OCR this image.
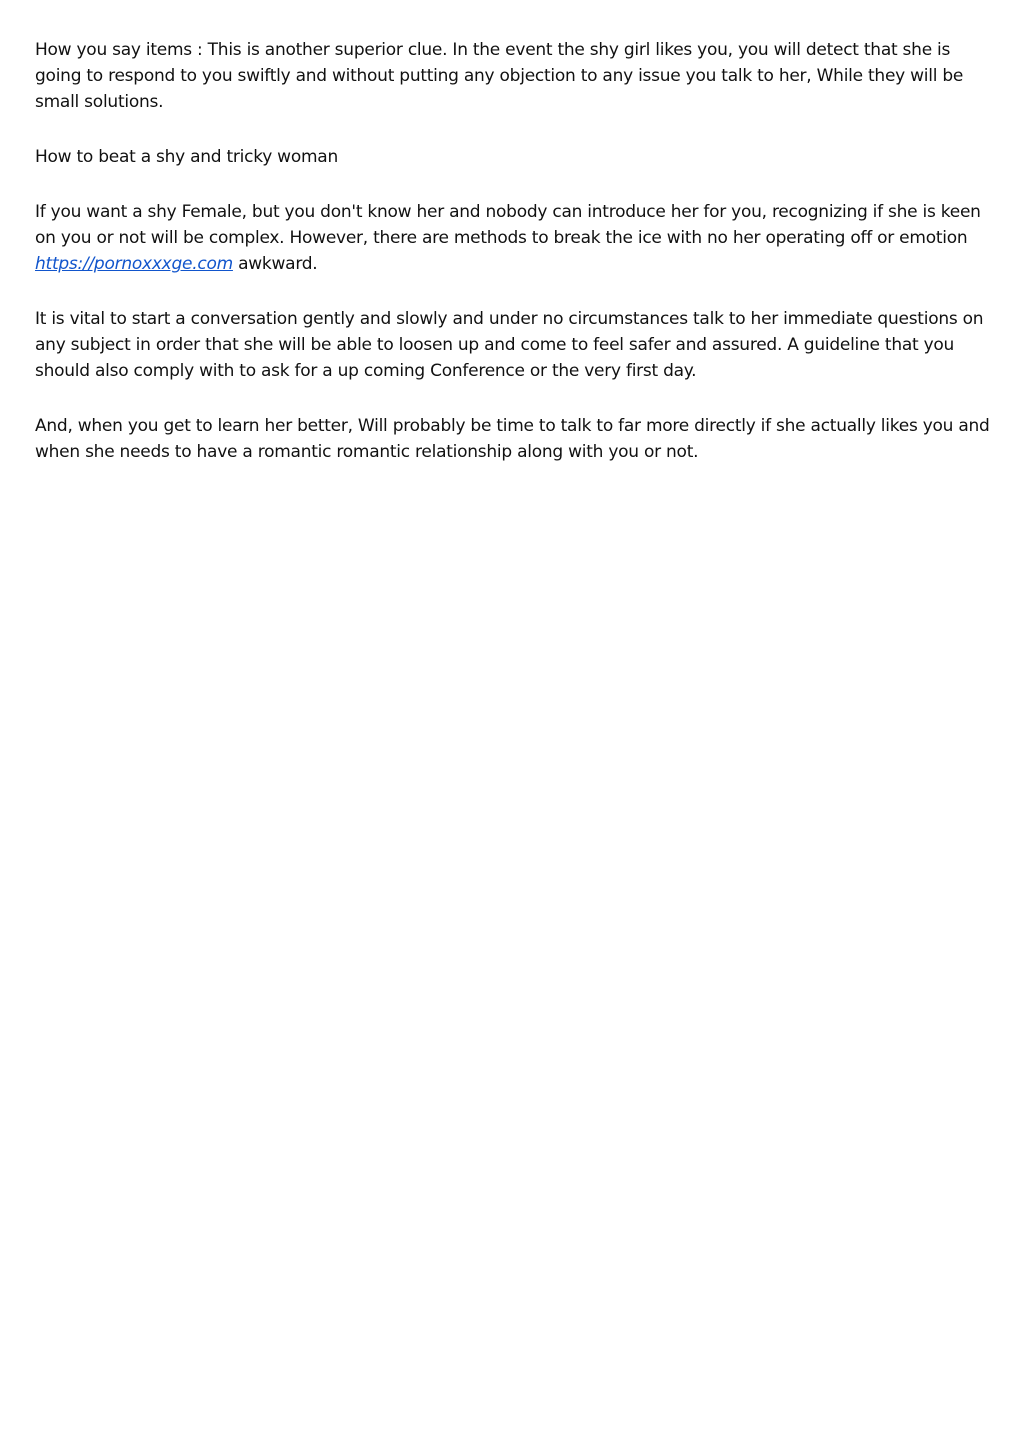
How you say items : This is another superior clue. In the event the shy girl likes you, you will detect that she is going to respond to you swiftly and without putting any objection to any issue you talk to her, While they will be small solutions.

How to beat a shy and tricky woman

If you want a shy Female, but you don't know her and nobody can introduce her for you, recognizing if she is keen on you or not will be complex. However, there are methods to break the ice with no her operating off or emotion https://pornoxxxge.com awkward.

It is vital to start a conversation gently and slowly and under no circumstances talk to her immediate questions on any subject in order that she will be able to loosen up and come to feel safer and assured. A guideline that you should also comply with to ask for a up coming Conference or the very first day.

And, when you get to learn her better, Will probably be time to talk to far more directly if she actually likes you and when she needs to have a romantic romantic relationship along with you or not.
